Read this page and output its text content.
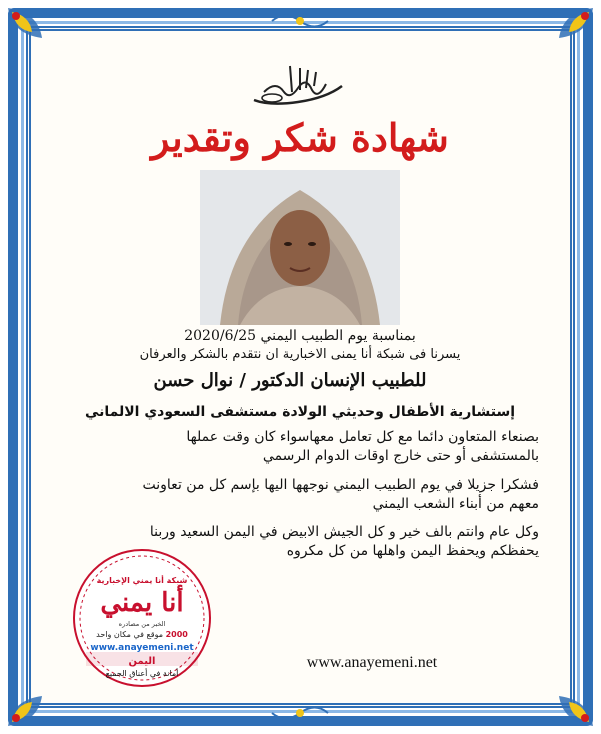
شهادة شكر وتقدير
بمناسبة يوم الطبيب اليمني 2020/6/25
يسرنا فى شبكة أنا يمنى الاخبارية ان نتقدم بالشكر والعرفان
للطبيب الإنسان الدكتور / نوال حسن
إستشارية الأطفال وحديثي الولادة مستشفى السعودي الالماني
بصنعاء المتعاون دائما مع كل تعامل معهاسواء كان وقت عملها
بالمستشفى أو حتى خارج اوقات الدوام الرسمي
فشكرا جزيلا في يوم الطبيب اليمني نوجهها اليها بإسم كل من تعاونت
معهم من أبناء الشعب اليمني
وكل عام وانتم بالف خير و كل الجيش الابيض في اليمن السعيد وربنا
يحفظكم ويحفظ اليمن واهلها من كل مكروه
شبكة أنا يمني الإخبارية
أنا يمني
الخبر من مصادره
2000 موقع في مكان واحد
www.anayemeni.net
اليمن
أمانة في أعناق الجميع
www.anayemeni.net
